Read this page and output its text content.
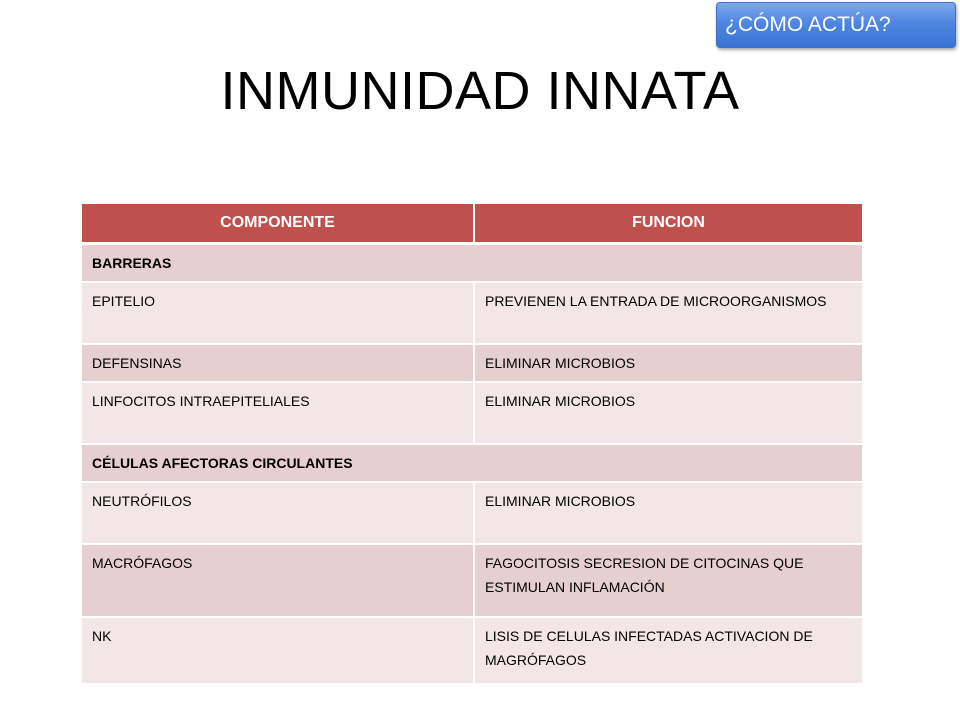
¿CÓMO ACTÚA?
INMUNIDAD INNATA
COMPONENTE	FUNCION
BARRERAS	
EPITELIO	PREVIENEN LA ENTRADA DE MICROORGANISMOS
DEFENSINAS	ELIMINAR MICROBIOS
LINFOCITOS INTRAEPITELIALES	ELIMINAR MICROBIOS
CÉLULAS AFECTORAS CIRCULANTES	
NEUTRÓFILOS	ELIMINAR MICROBIOS
MACRÓFAGOS	FAGOCITOSIS SECRESION DE CITOCINAS QUE ESTIMULAN INFLAMACIÓN
NK	LISIS DE CELULAS INFECTADAS ACTIVACION DE MAGRÓFAGOS
